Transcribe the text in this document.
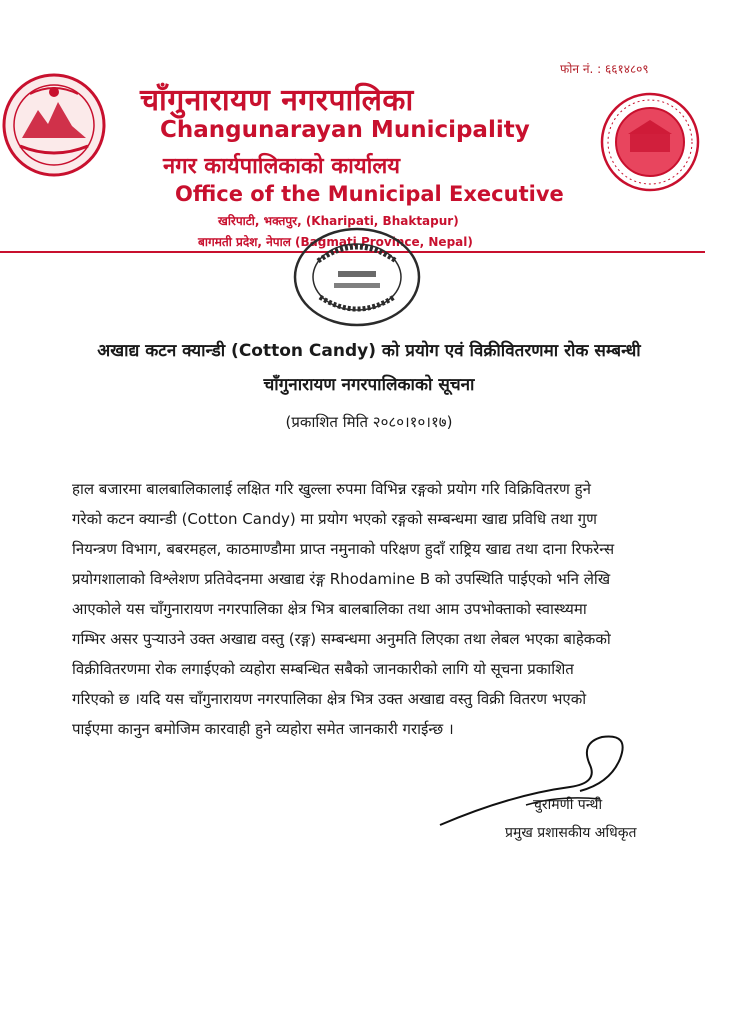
फोन नं. : ६६१४८०९
चाँगुनारायण नगरपालिका
Changunarayan Municipality
नगर कार्यपालिकाको कार्यालय
Office of the Municipal Executive
खरिपाटी, भक्तपुर, (Kharipati, Bhaktapur)
बागमती प्रदेश, नेपाल (Bagmati Province, Nepal)
अखाद्य कटन क्यान्डी (Cotton Candy) को प्रयोग एवं विक्रीवितरणमा रोक सम्बन्धी
चाँगुनारायण नगरपालिकाको सूचना
(प्रकाशित मिति २०८०।१०।१७)
हाल बजारमा बालबालिकालाई लक्षित गरि खुल्ला रुपमा विभिन्न रङ्गको प्रयोग गरि विक्रिवितरण हुने
गरेको कटन क्यान्डी (Cotton Candy) मा प्रयोग भएको रङ्गको सम्बन्धमा खाद्य प्रविधि तथा गुण
नियन्त्रण विभाग, बबरमहल, काठमाण्डौमा प्राप्त नमुनाको परिक्षण हुदाँ राष्ट्रिय खाद्य तथा दाना रिफरेन्स
प्रयोगशालाको विश्लेशण प्रतिवेदनमा अखाद्य रंङ्ग Rhodamine B को उपस्थिति पाईएको भनि लेखि
आएकोले यस चाँगुनारायण नगरपालिका क्षेत्र भित्र बालबालिका तथा आम उपभोक्ताको स्वास्थ्यमा
गम्भिर असर पुऱ्याउने उक्त अखाद्य वस्तु (रङ्ग) सम्बन्धमा अनुमति लिएका तथा लेबल भएका बाहेकको
विक्रीवितरणमा रोक लगाईएको व्यहोरा सम्बन्धित सबैको जानकारीको लागि यो सूचना प्रकाशित
गरिएको छ ।यदि यस चाँगुनारायण नगरपालिका क्षेत्र भित्र उक्त अखाद्य वस्तु विक्री वितरण भएको
पाईएमा कानुन बमोजिम कारवाही हुने व्यहोरा समेत जानकारी गराईन्छ ।
चुरामणी पन्थी
प्रमुख प्रशासकीय अधिकृत
